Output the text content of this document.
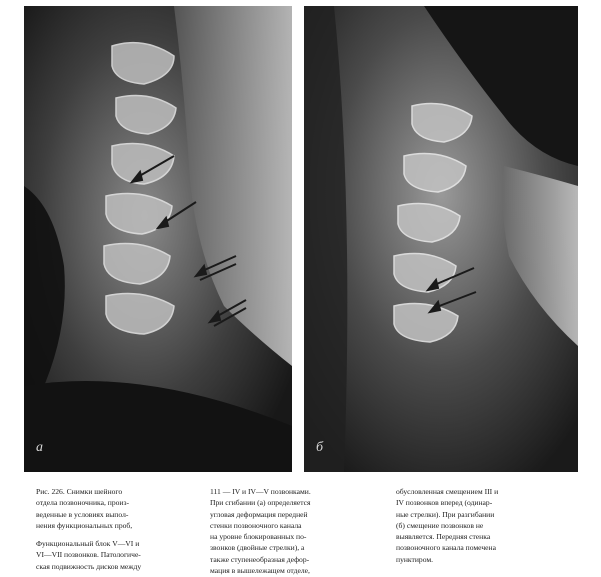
а	б
Рис. 226. Снимки шейного
отдела позвоночника, произ-
веденные в условиях выпол-
нения функциональных проб,
Функциональный блок V—VI и
VI—VII позвонков. Патологиче-
ская подвижность дисков между
111 — IV и IV—V позвонками.
При сгибании (а) определяется
угловая деформация передней
стенки позвоночного канала
на уровне блокированных по-
звонков (двойные стрелки), а
также ступенеобразная дефор-
мация в вышележащем отделе,
обусловленная смещением III и
IV позвонков вперед (одинар-
ные стрелки). При разгибании
(б) смещение позвонков не
выявляется. Передняя стенка
позвоночного канала помечена
пунктиром.
